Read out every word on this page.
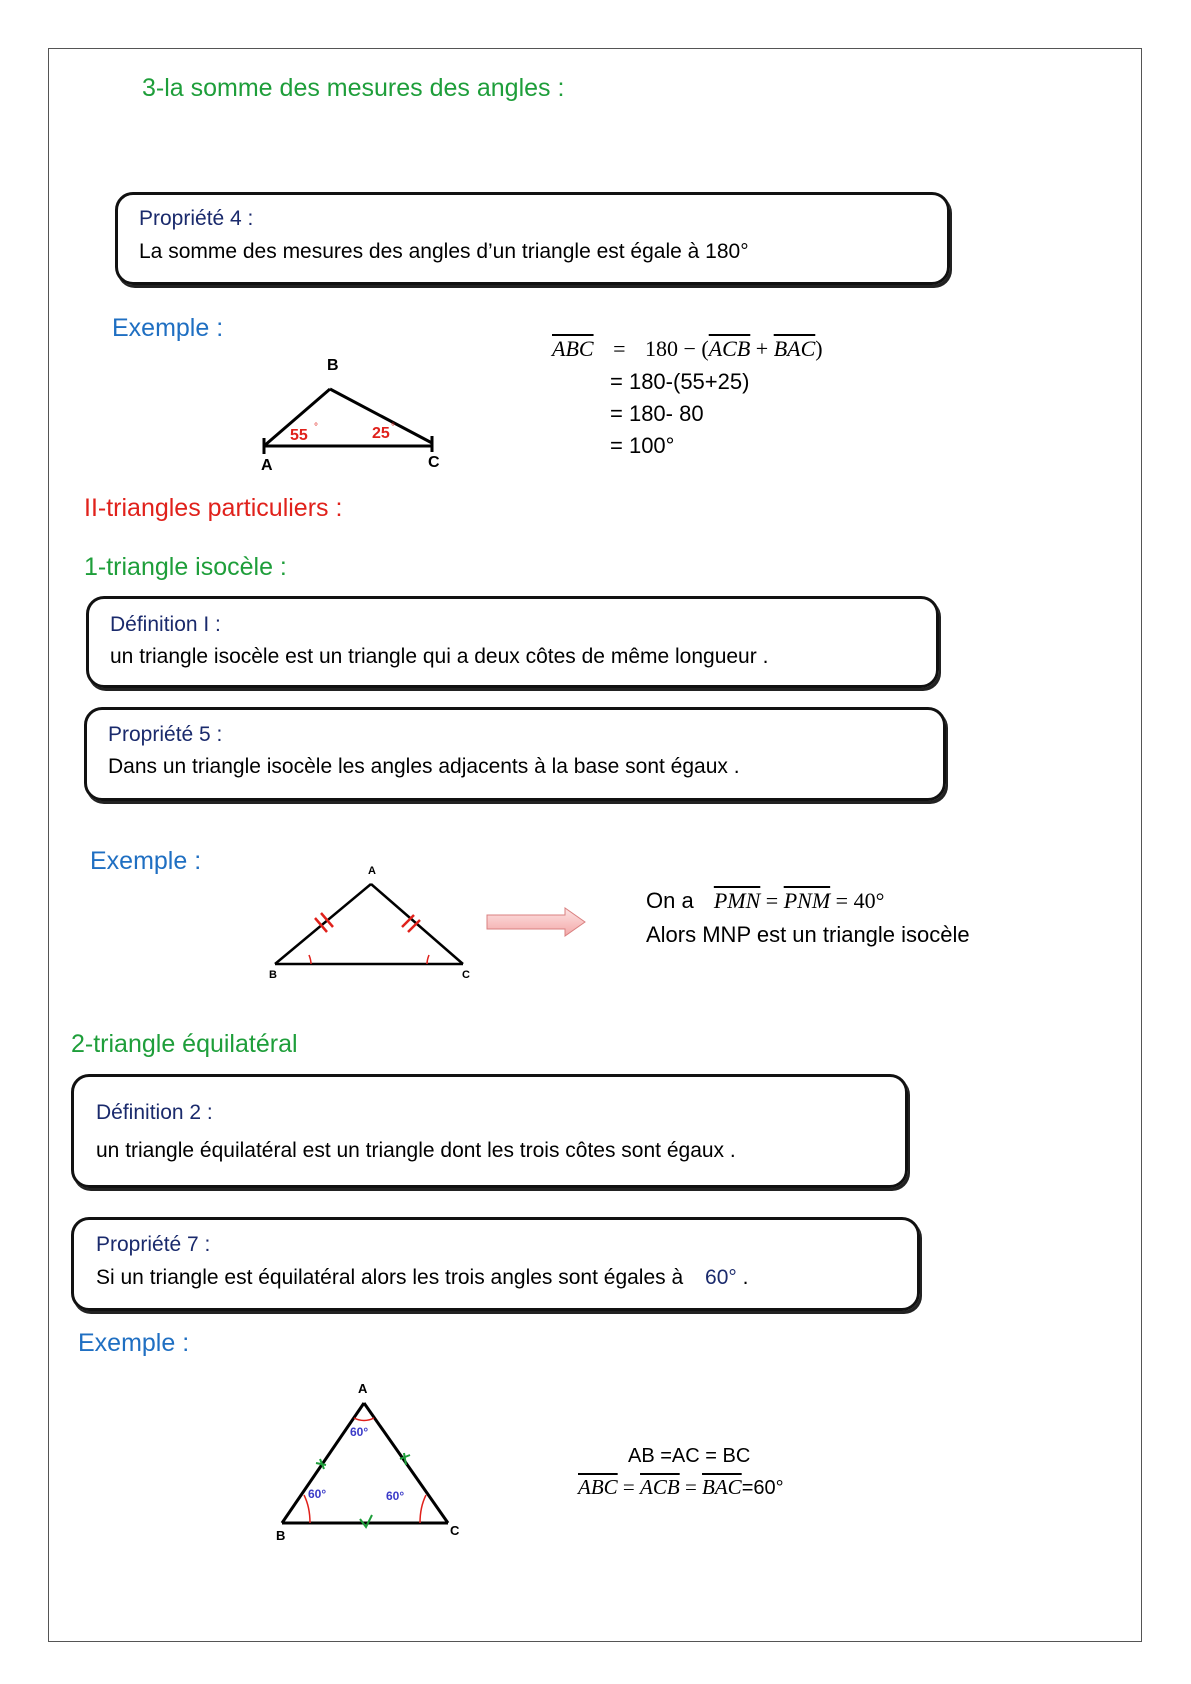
3-la somme des mesures des angles :
Propriété 4 :
La somme des mesures des angles d’un triangle est égale à 180°
Exemple :
B
A	C
55 °	25 °
$\overline{ABC} = 180 - (\overline{ACB} + \overline{BAC})$
= 180-(55+25)
= 180- 80
= 100°
II-triangles particuliers :
1-triangle isocèle :
Définition I :
un triangle isocèle est un triangle qui a deux côtes de même longueur .
Propriété 5 :
Dans un triangle isocèle les angles adjacents à la base sont égaux .
Exemple :	A
B	C
On a $\overline{PMN} = \overline{PNM} = 40^\circ$
Alors MNP est un triangle isocèle
2-triangle équilatéral
Définition 2 :
un triangle équilatéral est un triangle dont les trois côtes sont égaux .
Propriété 7 :
Si un triangle est équilatéral alors les trois angles sont égales à 60° .
Exemple :
A
B	C
60°
60°	60°
AB =AC = BC
$\overline{ABC} = \overline{ACB} = \overline{BAC}=60^\circ$
